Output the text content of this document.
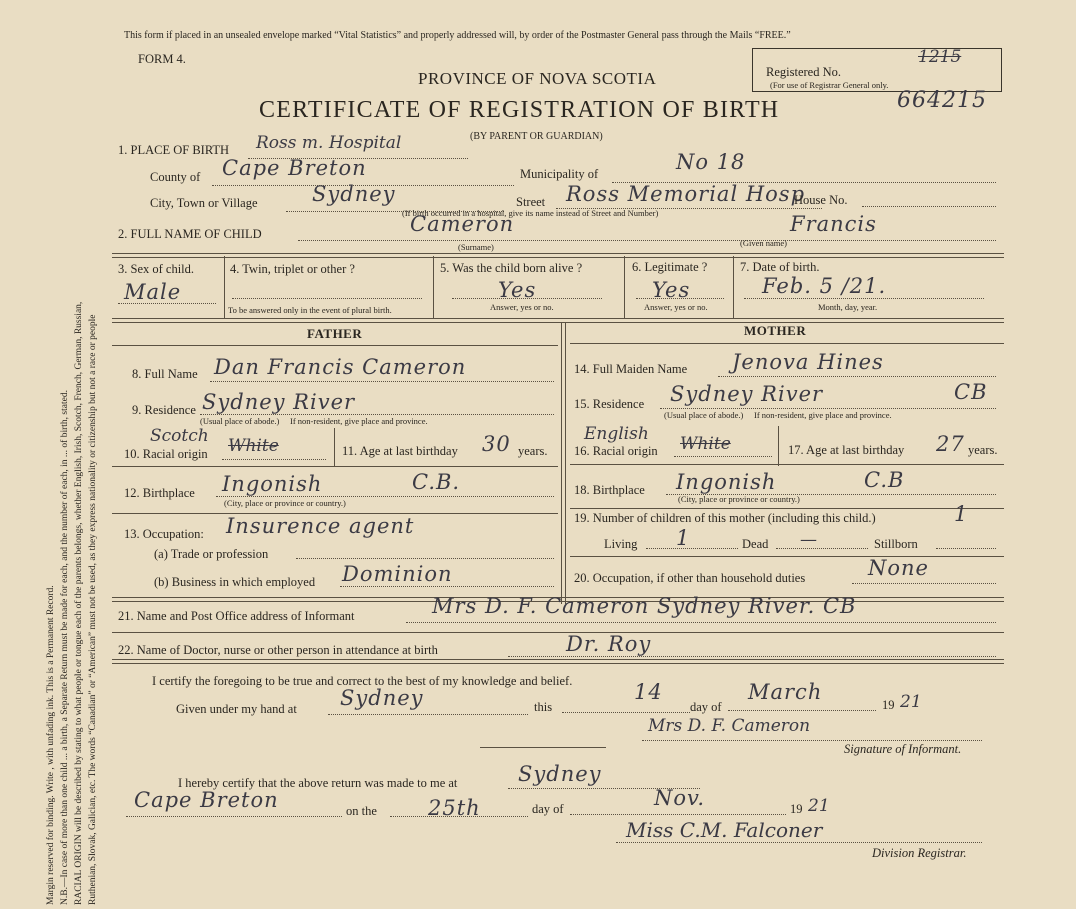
Margin reserved for binding. Write , with unfading ink. This is a Permanent Record. N.B.—In case of more than one child ... a birth, a Separate Return must be made for each, and the number of each, in ... of birth, stated. RACIAL ORIGIN will be described by stating to what people or tongue each of the parents belongs, whether English, Irish, Scotch, French, German, Russian, Ruthenian, Slovak, Galician, etc. The words “Canadian” or “American” must not be used, as they express nationality or citizenship but not a race or people
This form if placed in an unsealed envelope marked “Vital Statistics” and properly addressed will, by order of the Postmaster General pass through the Mails “FREE.”
FORM 4.
Registered No.
(For use of Registrar General only.
1215
664215
PROVINCE OF NOVA SCOTIA
CERTIFICATE OF REGISTRATION OF BIRTH
(BY PARENT OR GUARDIAN)
1. PLACE OF BIRTH Ross m. Hospital
County of Cape Breton	Municipality of	No 18
City, Town or Village	Sydney	Street Ross Memorial Hosp
House No.
(If birth occurred in a hospital, give its name instead of Street and Number)
2. FULL NAME OF CHILD	Cameron
(Surname)
Francis
(Given name)
3. Sex of child.
Male
4. Twin, triplet or other ?
To be answered only in the event of plural birth.
5. Was the child born alive ?
Yes
Answer, yes or no.
6. Legitimate ?
Yes
Answer, yes or no.
7. Date of birth.
Feb. 5 /21.
Month, day, year.
FATHER	MOTHER
8. Full Name Dan Francis Cameron
9. Residence Sydney River
(Usual place of abode.) If non-resident, give place and province.
Scotch
10. Racial origin White	11. Age at last birthday 30 years.
12. Birthplace Ingonish	C.B.
(City, place or province or country.)
13. Occupation: Insurence agent
(a) Trade or profession
(b) Business in which employed Dominion
14. Full Maiden Name Jenova Hines
15. Residence Sydney River	CB
(Usual place of abode.) If non-resident, give place and province.
English
16. Racial origin White	17. Age at last birthday 27 years.
18. Birthplace Ingonish	C.B
(City, place or province or country.)
19. Number of children of this mother (including this child.)	1
Living 1	Dead —	Stillborn
20. Occupation, if other than household duties	None
21. Name and Post Office address of Informant	Mrs D. F. Cameron Sydney River. CB
22. Name of Doctor, nurse or other person in attendance at birth	Dr. Roy
I certify the foregoing to be true and correct to the best of my knowledge and belief.
Given under my hand at Sydney	this
14
day of
March
19 21
Mrs D. F. Cameron
Signature of Informant.
I hereby certify that the above return was made to me at	Sydney
Cape Breton	on the 25th	day of	Nov.	19 21
Miss C.M. Falconer
Division Registrar.
